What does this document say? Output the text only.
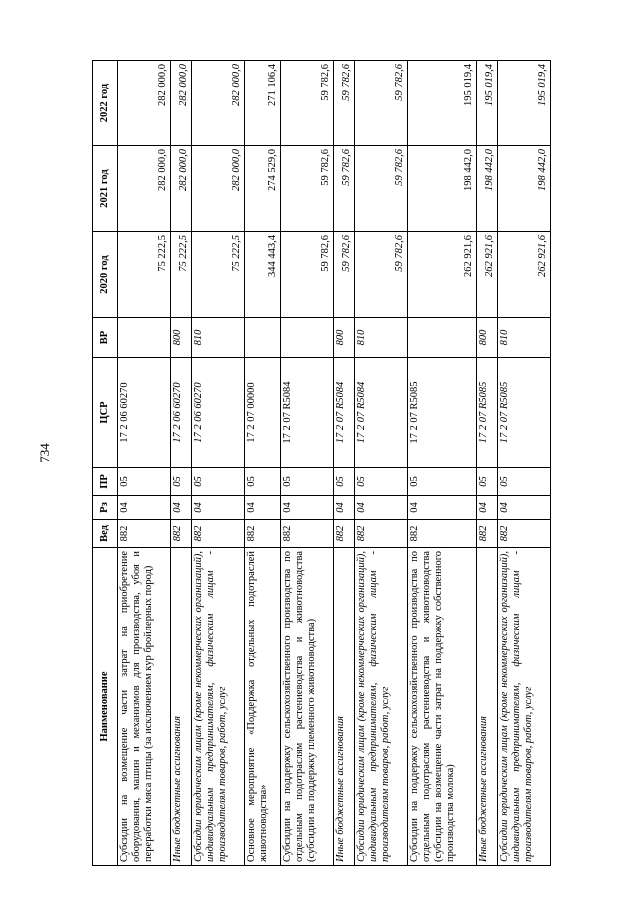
734
Наименование	Вед	Рз	ПР	ЦСР	ВР	2020 год	2021 год	2022 год
Субсидии на возмещение части затрат на приобретение оборудования, машин и механизмов для производства, убоя и переработки мяса птицы (за исключением кур бройлерных пород)	882	04	05	17 2 06 60270		75 222,5	282 000,0	282 000,0
Иные бюджетные ассигнования	882	04	05	17 2 06 60270	800	75 222,5	282 000,0	282 000,0
Субсидии юридическим лицам (кроме некоммерческих организаций), индивидуальным предпринимателям, физическим лицам - производителям товаров, работ, услуг	882	04	05	17 2 06 60270	810	75 222,5	282 000,0	282 000,0
Основное мероприятие «Поддержка отдельных подотраслей животноводства»	882	04	05	17 2 07 00000		344 443,4	274 529,0	271 106,4
Субсидии на поддержку сельскохозяйственного производства по отдельным подотраслям растениеводства и животноводства (субсидии на поддержку племенного животноводства)	882	04	05	17 2 07 R5084		59 782,6	59 782,6	59 782,6
Иные бюджетные ассигнования	882	04	05	17 2 07 R5084	800	59 782,6	59 782,6	59 782,6
Субсидии юридическим лицам (кроме некоммерческих организаций), индивидуальным предпринимателям, физическим лицам - производителям товаров, работ, услуг	882	04	05	17 2 07 R5084	810	59 782,6	59 782,6	59 782,6
Субсидии на поддержку сельскохозяйственного производства по отдельным подотраслям растениеводства и животноводства (субсидии на возмещение части затрат на поддержку собственного производства молока)	882	04	05	17 2 07 R5085		262 921,6	198 442,0	195 019,4
Иные бюджетные ассигнования	882	04	05	17 2 07 R5085	800	262 921,6	198 442,0	195 019,4
Субсидии юридическим лицам (кроме некоммерческих организаций), индивидуальным предпринимателям, физическим лицам - производителям товаров, работ, услуг	882	04	05	17 2 07 R5085	810	262 921,6	198 442,0	195 019,4
